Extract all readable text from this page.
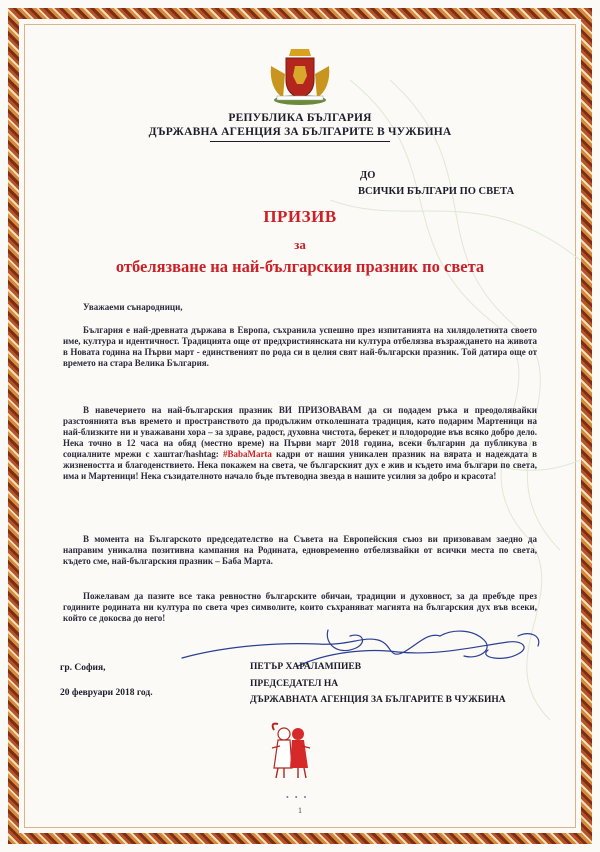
РЕПУБЛИКА БЪЛГАРИЯ
ДЪРЖАВНА АГЕНЦИЯ ЗА БЪЛГАРИТЕ В ЧУЖБИНА
ДО
ВСИЧКИ БЪЛГАРИ ПО СВЕТА
ПРИЗИВ
за
отбелязване на най-българския празник по света

Уважаеми сънародници,

България е най-древната държава в Европа, съхранила успешно през изпитанията на хилядолетията своето име, култура и идентичност. Традицията още от предхристиянската ни култура отбелязва възраждането на живота в Новата година на Първи март - единственият по рода си в целия свят най-български празник. Той датира още от времето на стара Велика България.

В навечерието на най-българския празник ВИ ПРИЗОВАВАМ да си подадем ръка и преодолявайки разстоянията във времето и пространството да продължим отколешната традиция, като подарим Мартеници на най-близките ни и уважавани хора – за здраве, радост, духовна чистота, берекет и плодородие във всяко добро дело. Нека точно в 12 часа на обяд (местно време) на Първи март 2018 година, всеки българин да публикува в социалните мрежи с хаштаг/hashtag: #BabaMarta кадри от нашия уникален празник на вярата и надеждата в жизнеността и благоденствието. Нека покажем на света, че българският дух е жив и където има българи по света, има и Мартеници! Нека съзидателното начало бъде пътеводна звезда в нашите усилия за добро и красота!

В момента на Българското председателство на Съвета на Европейския съюз ви призовавам заедно да направим уникална позитивна кампания на Родината, едновременно отбелязвайки от всички места по света, където сме, най-българския празник – Баба Марта.

Пожелавам да пазите все така ревностно българските обичаи, традиции и духовност, за да пребъде през годините родината ни култура по света чрез символите, които съхраняват магията на българския дух във всеки, който се докосва до него!

гр. София,
20 февруари 2018 год.
ПЕТЪР ХАРАЛАМПИЕВ
ПРЕДСЕДАТЕЛ НА
ДЪРЖАВНАТА АГЕНЦИЯ ЗА БЪЛГАРИТЕ В ЧУЖБИНА
• • •
1
